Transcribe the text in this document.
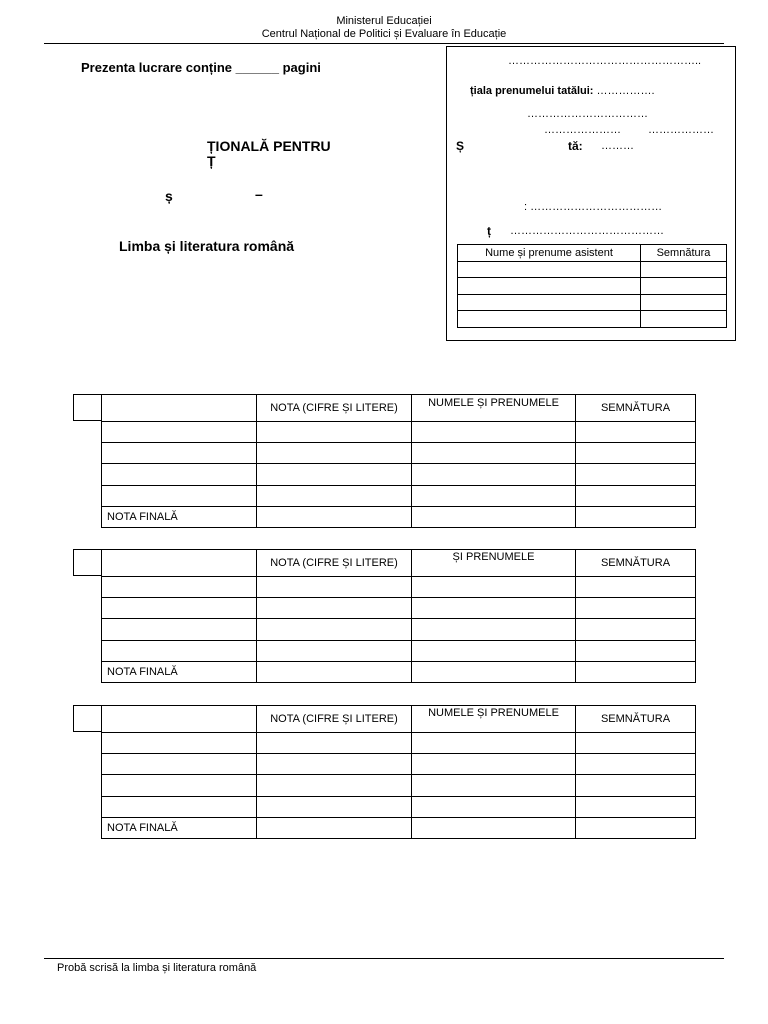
Ministerul Educației
Centrul Național de Politici și Evaluare în Educație
Prezenta lucrare conține ______ pagini
ȚIONALĂ PENTRU
Ț
ș	–
Limba și literatura română
……………………………………………..
țiala prenumelui tatălui: …………….
……………………………
………………… ………………
Ș	tă: ………
: ………………………………
ț ……………………………………
Nume și prenume asistent	Semnătura

	NOTA (CIFRE ȘI LITERE)	NUMELE ȘI PRENUMELE	SEMNĂTURA

NOTA FINALĂ			
	NOTA (CIFRE ȘI LITERE)	ȘI PRENUMELE	SEMNĂTURA

NOTA FINALĂ			
	NOTA (CIFRE ȘI LITERE)	NUMELE ȘI PRENUMELE	SEMNĂTURA

NOTA FINALĂ			
Probă scrisă la limba și literatura română
